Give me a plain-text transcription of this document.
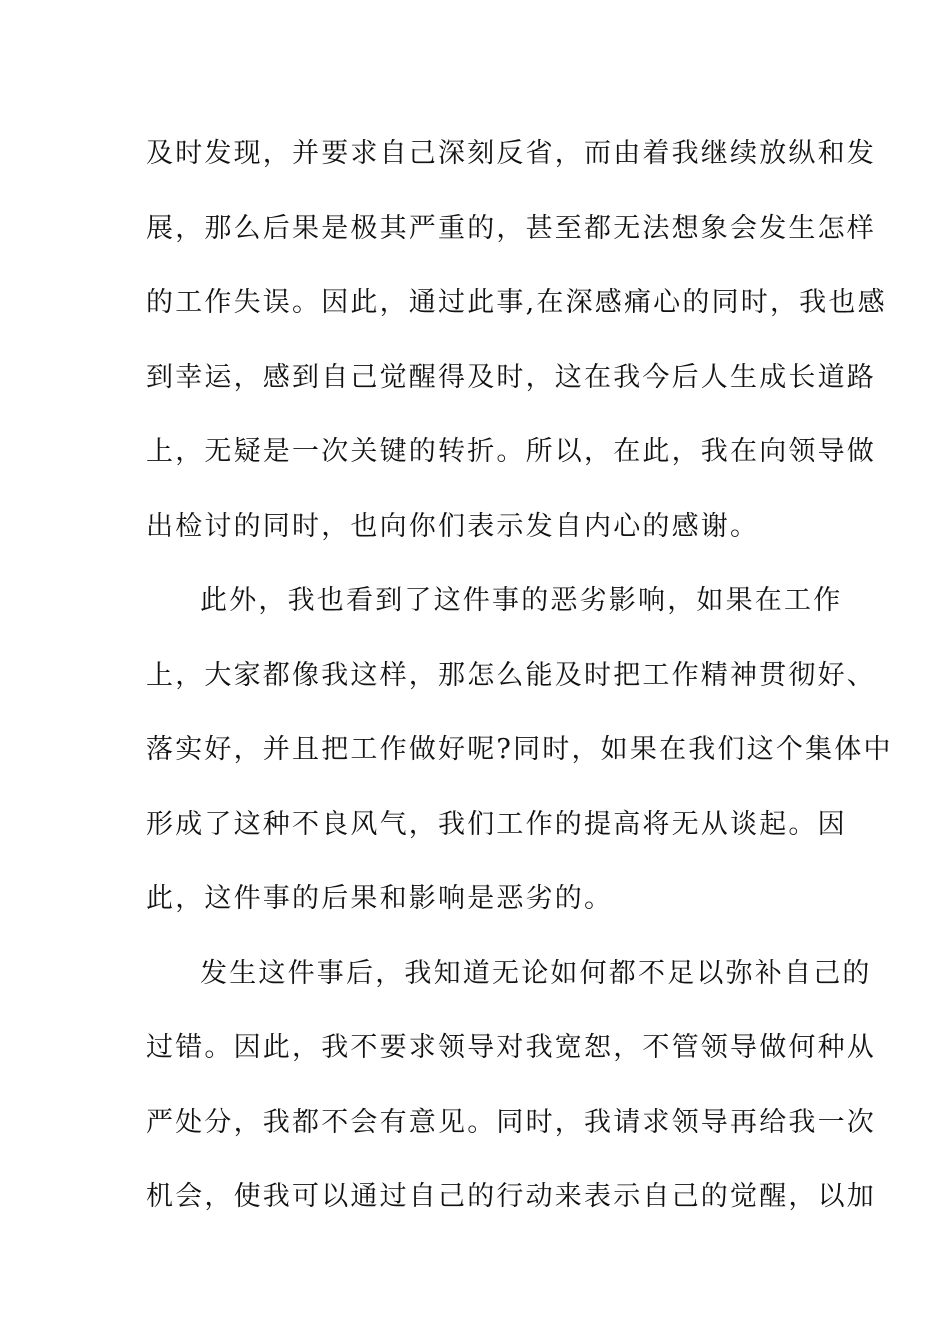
及时发现，并要求自己深刻反省，而由着我继续放纵和发
展，那么后果是极其严重的，甚至都无法想象会发生怎样
的工作失误。因此，通过此事,在深感痛心的同时，我也感
到幸运，感到自己觉醒得及时，这在我今后人生成长道路
上，无疑是一次关键的转折。所以，在此，我在向领导做
出检讨的同时，也向你们表示发自内心的感谢。
此外，我也看到了这件事的恶劣影响，如果在工作
上，大家都像我这样，那怎么能及时把工作精神贯彻好、
落实好，并且把工作做好呢?同时，如果在我们这个集体中
形成了这种不良风气，我们工作的提高将无从谈起。因
此，这件事的后果和影响是恶劣的。
发生这件事后，我知道无论如何都不足以弥补自己的
过错。因此，我不要求领导对我宽恕，不管领导做何种从
严处分，我都不会有意见。同时，我请求领导再给我一次
机会，使我可以通过自己的行动来表示自己的觉醒，以加
